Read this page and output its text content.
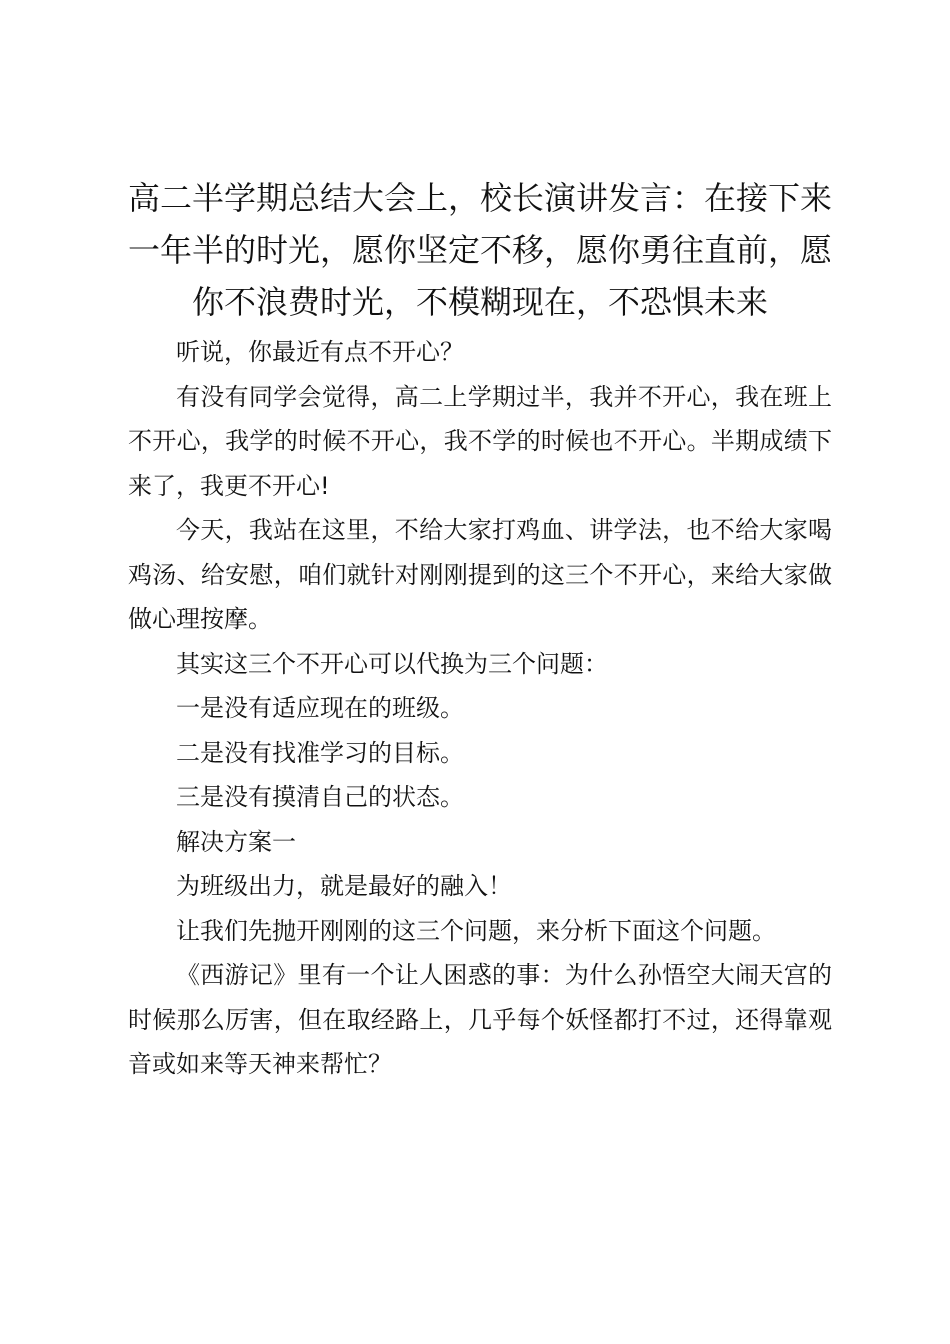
高二半学期总结大会上，校长演讲发言：在接下来一年半的时光，愿你坚定不移，愿你勇往直前，愿你不浪费时光，不模糊现在，不恐惧未来

听说，你最近有点不开心？

有没有同学会觉得，高二上学期过半，我并不开心，我在班上不开心，我学的时候不开心，我不学的时候也不开心。半期成绩下来了，我更不开心!

今天，我站在这里，不给大家打鸡血、讲学法，也不给大家喝鸡汤、给安慰，咱们就针对刚刚提到的这三个不开心，来给大家做做心理按摩。

其实这三个不开心可以代换为三个问题：

一是没有适应现在的班级。

二是没有找准学习的目标。

三是没有摸清自己的状态。

解决方案一

为班级出力，就是最好的融入！

让我们先抛开刚刚的这三个问题，来分析下面这个问题。

《西游记》里有一个让人困惑的事：为什么孙悟空大闹天宫的时候那么厉害，但在取经路上，几乎每个妖怪都打不过，还得靠观音或如来等天神来帮忙？
